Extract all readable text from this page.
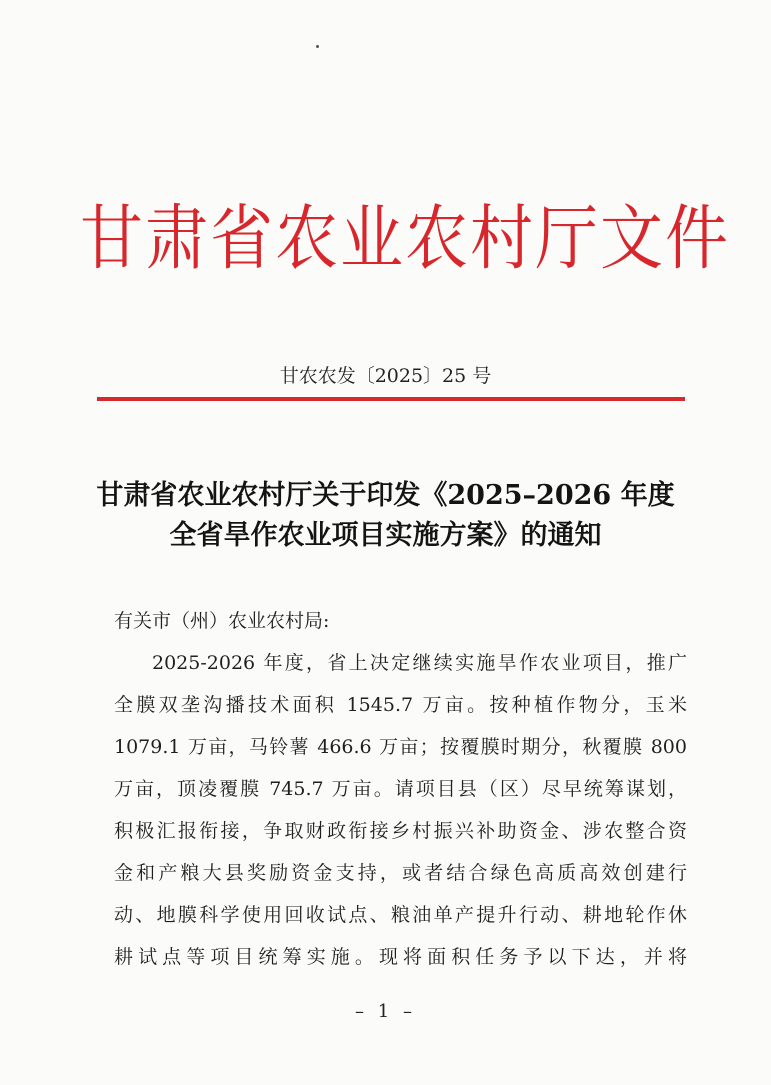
甘肃省农业农村厅文件
甘农农发〔2025〕25 号
甘肃省农业农村厅关于印发《2025–2026 年度
全省旱作农业项目实施方案》的通知
有关市（州）农业农村局:
2025-2026 年度，省上决定继续实施旱作农业项目，推广
全膜双垄沟播技术面积 1545.7 万亩。按种植作物分，玉米
1079.1 万亩，马铃薯 466.6 万亩；按覆膜时期分，秋覆膜 800
万亩，顶凌覆膜 745.7 万亩。请项目县（区）尽早统筹谋划，
积极汇报衔接，争取财政衔接乡村振兴补助资金、涉农整合资
金和产粮大县奖励资金支持，或者结合绿色高质高效创建行
动、地膜科学使用回收试点、粮油单产提升行动、耕地轮作休
耕试点等项目统筹实施。现将面积任务予以下达，并将
– 1 –
